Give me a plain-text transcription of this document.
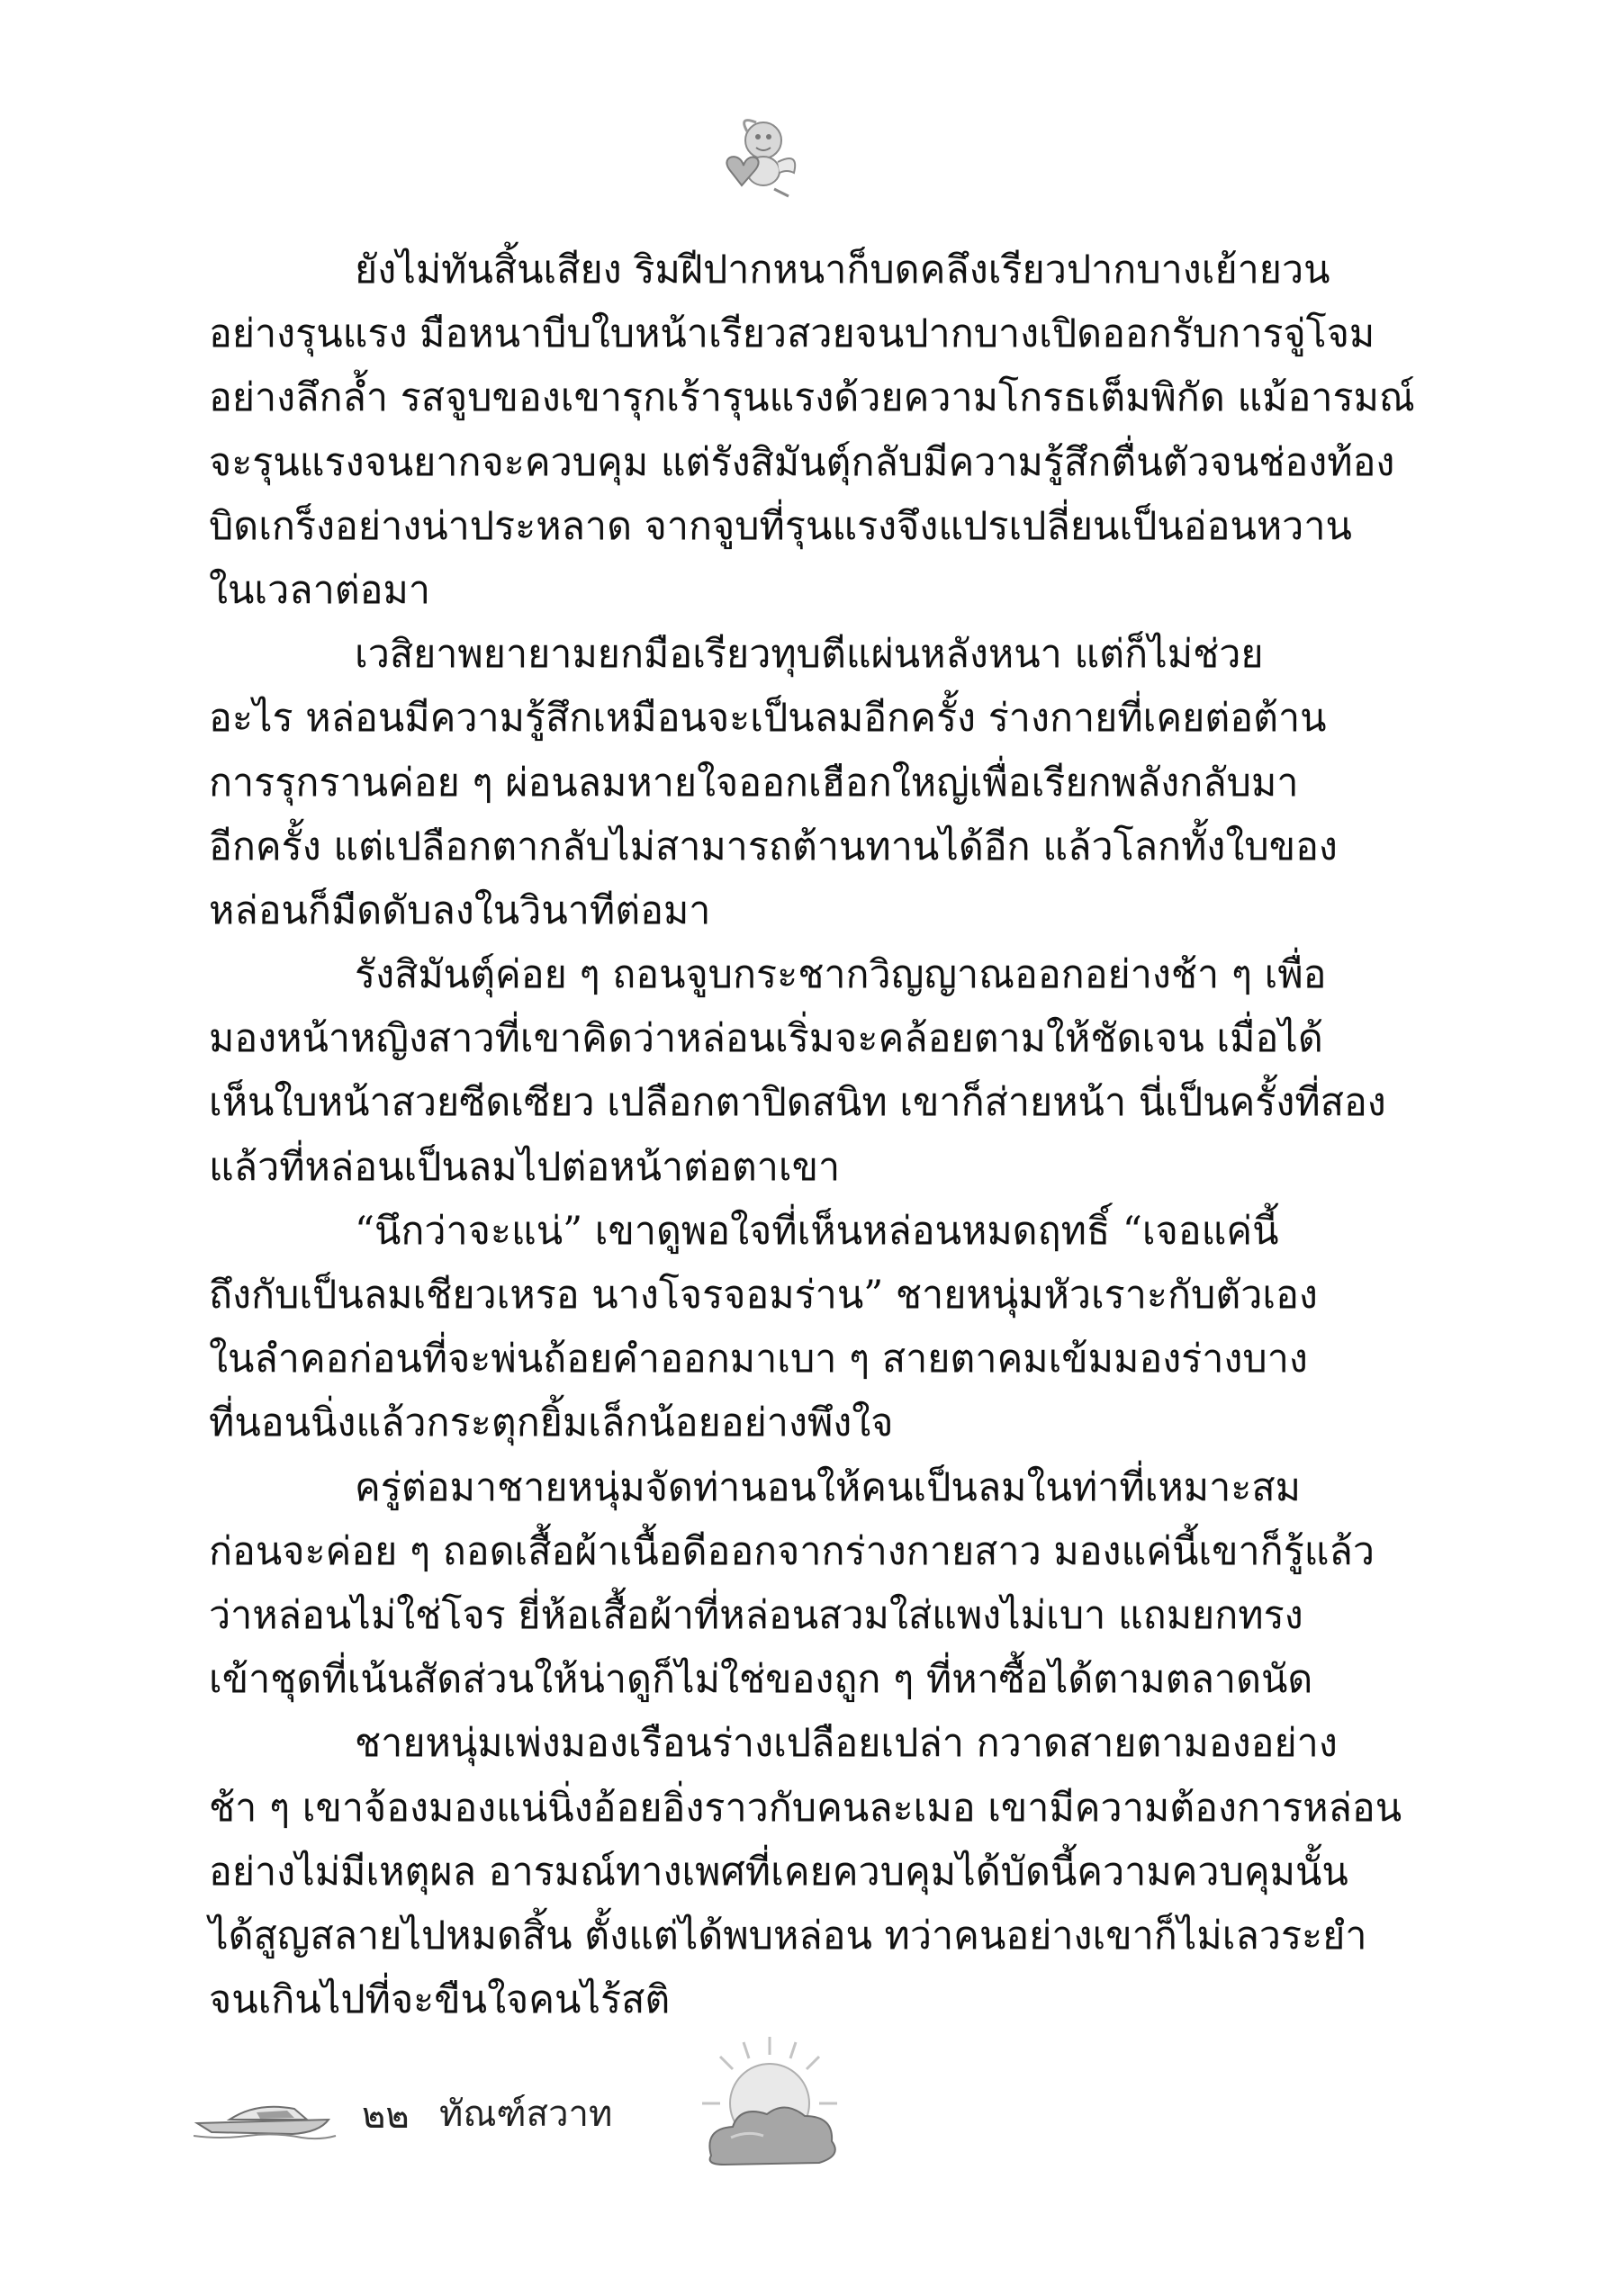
ยังไม่ทันสิ้นเสียง ริมฝีปากหนาก็บดคลึงเรียวปากบางเย้ายวน
อย่างรุนแรง มือหนาบีบใบหน้าเรียวสวยจนปากบางเปิดออกรับการจู่โจม
อย่างลึกล้ำ รสจูบของเขารุกเร้ารุนแรงด้วยความโกรธเต็มพิกัด แม้อารมณ์
จะรุนแรงจนยากจะควบคุม แต่รังสิมันตุ์กลับมีความรู้สึกตื่นตัวจนช่องท้อง
บิดเกร็งอย่างน่าประหลาด จากจูบที่รุนแรงจึงแปรเปลี่ยนเป็นอ่อนหวาน
ในเวลาต่อมา
เวสิยาพยายามยกมือเรียวทุบตีแผ่นหลังหนา แต่ก็ไม่ช่วย
อะไร หล่อนมีความรู้สึกเหมือนจะเป็นลมอีกครั้ง ร่างกายที่เคยต่อต้าน
การรุกรานค่อย ๆ ผ่อนลมหายใจออกเฮือกใหญ่เพื่อเรียกพลังกลับมา
อีกครั้ง แต่เปลือกตากลับไม่สามารถต้านทานได้อีก แล้วโลกทั้งใบของ
หล่อนก็มืดดับลงในวินาทีต่อมา
รังสิมันตุ์ค่อย ๆ ถอนจูบกระชากวิญญาณออกอย่างช้า ๆ เพื่อ
มองหน้าหญิงสาวที่เขาคิดว่าหล่อนเริ่มจะคล้อยตามให้ชัดเจน เมื่อได้
เห็นใบหน้าสวยซีดเซียว เปลือกตาปิดสนิท เขาก็ส่ายหน้า นี่เป็นครั้งที่สอง
แล้วที่หล่อนเป็นลมไปต่อหน้าต่อตาเขา
“นึกว่าจะแน่” เขาดูพอใจที่เห็นหล่อนหมดฤทธิ์ “เจอแค่นี้
ถึงกับเป็นลมเชียวเหรอ นางโจรจอมร่าน” ชายหนุ่มหัวเราะกับตัวเอง
ในลำคอก่อนที่จะพ่นถ้อยคำออกมาเบา ๆ สายตาคมเข้มมองร่างบาง
ที่นอนนิ่งแล้วกระตุกยิ้มเล็กน้อยอย่างพึงใจ
ครู่ต่อมาชายหนุ่มจัดท่านอนให้คนเป็นลมในท่าที่เหมาะสม
ก่อนจะค่อย ๆ ถอดเสื้อผ้าเนื้อดีออกจากร่างกายสาว มองแค่นี้เขาก็รู้แล้ว
ว่าหล่อนไม่ใช่โจร ยี่ห้อเสื้อผ้าที่หล่อนสวมใส่แพงไม่เบา แถมยกทรง
เข้าชุดที่เน้นสัดส่วนให้น่าดูก็ไม่ใช่ของถูก ๆ ที่หาซื้อได้ตามตลาดนัด
ชายหนุ่มเพ่งมองเรือนร่างเปลือยเปล่า กวาดสายตามองอย่าง
ช้า ๆ เขาจ้องมองแน่นิ่งอ้อยอิ่งราวกับคนละเมอ เขามีความต้องการหล่อน
อย่างไม่มีเหตุผล อารมณ์ทางเพศที่เคยควบคุมได้บัดนี้ความควบคุมนั้น
ได้สูญสลายไปหมดสิ้น ตั้งแต่ได้พบหล่อน ทว่าคนอย่างเขาก็ไม่เลวระยำ
จนเกินไปที่จะขืนใจคนไร้สติ
๒๒ ทัณฑ์สวาท
